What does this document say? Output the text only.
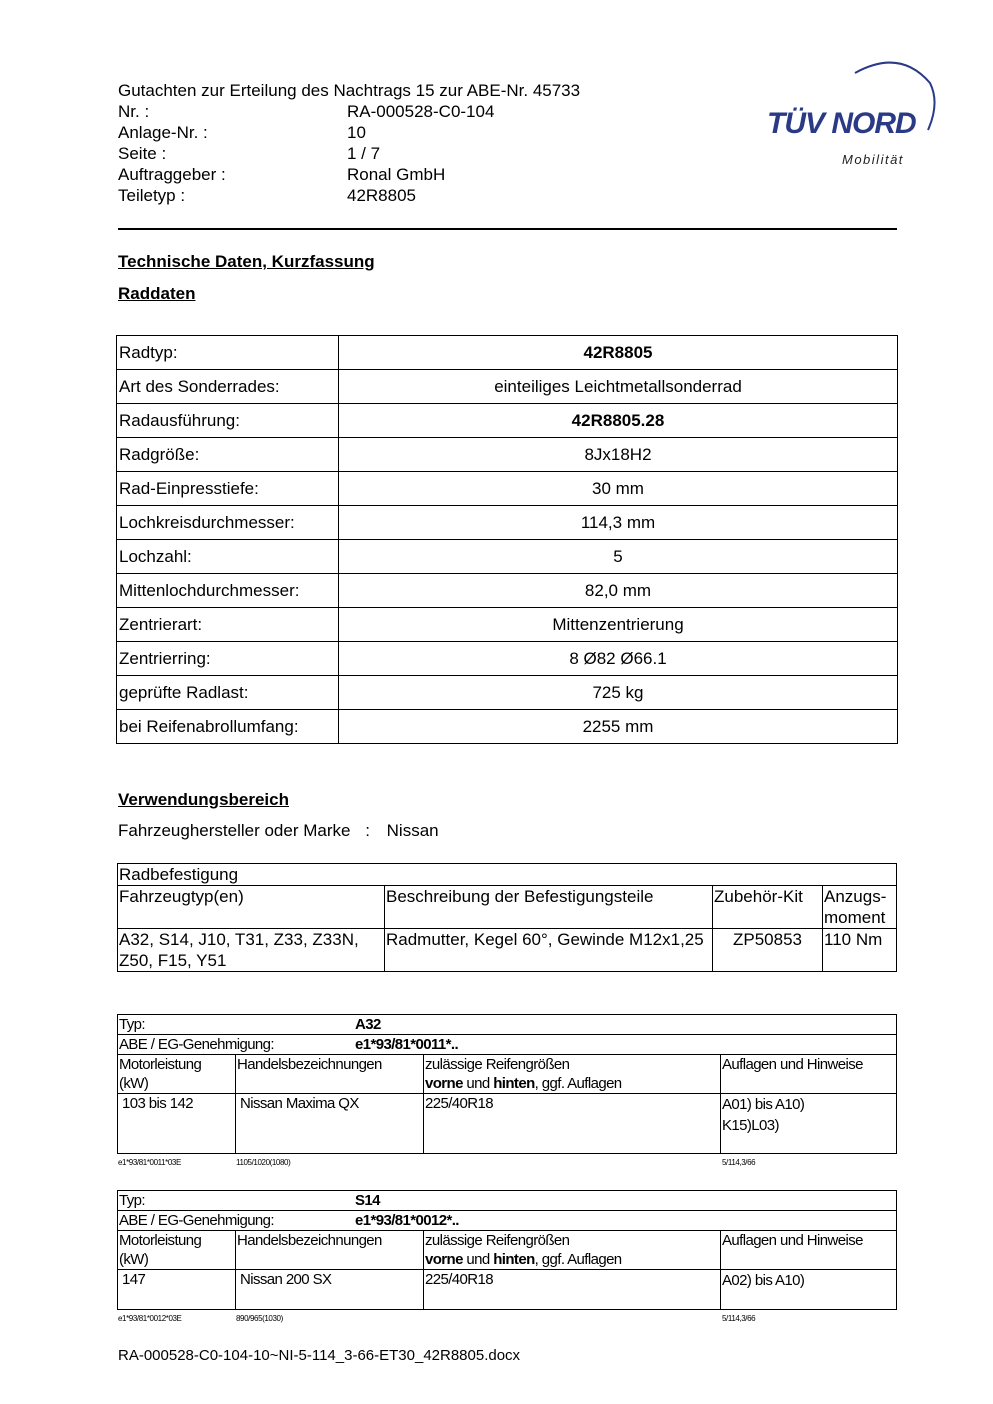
Gutachten zur Erteilung des Nachtrags 15 zur ABE-Nr. 45733
Nr. :	RA-000528-C0-104
Anlage-Nr. :	10
Seite :	1 / 7
Auftraggeber :	Ronal GmbH
Teiletyp :	42R8805
TÜV NORD
Mobilität
Technische Daten, Kurzfassung
Raddaten
Radtyp:	42R8805
Art des Sonderrades:	einteiliges Leichtmetallsonderrad
Radausführung:	42R8805.28
Radgröße:	8Jx18H2
Rad-Einpresstiefe:	30 mm
Lochkreisdurchmesser:	114,3 mm
Lochzahl:	5
Mittenlochdurchmesser:	82,0 mm
Zentrierart:	Mittenzentrierung
Zentrierring:	8 Ø82 Ø66.1
geprüfte Radlast:	725 kg
bei Reifenabrollumfang:	2255 mm
Verwendungsbereich
Fahrzeughersteller oder Marke : Nissan
Radbefestigung			
Fahrzeugtyp(en)	Beschreibung der Befestigungsteile	Zubehör-Kit	Anzugs-moment
A32, S14, J10, T31, Z33, Z33N, Z50, F15, Y51	Radmutter, Kegel 60°, Gewinde M12x1,25	ZP50853	110 Nm
Typ: A32			
ABE / EG-Genehmigung: e1*93/81*0011*..			
Motorleistung (kW)	Handelsbezeichnungen	zulässige Reifengrößen
vorne und hinten, ggf. Auflagen	Auflagen und Hinweise
103 bis 142	Nissan Maxima QX	225/40R18	A01) bis A10)
K15)L03)
e1*93/81*0011*03E	1105/1020(1080)	5/114,3/66
Typ: S14			
ABE / EG-Genehmigung: e1*93/81*0012*..			
Motorleistung (kW)	Handelsbezeichnungen	zulässige Reifengrößen
vorne und hinten, ggf. Auflagen	Auflagen und Hinweise
147	Nissan 200 SX	225/40R18	A02) bis A10)
e1*93/81*0012*03E	890/965(1030)	5/114,3/66
RA-000528-C0-104-10~NI-5-114_3-66-ET30_42R8805.docx
